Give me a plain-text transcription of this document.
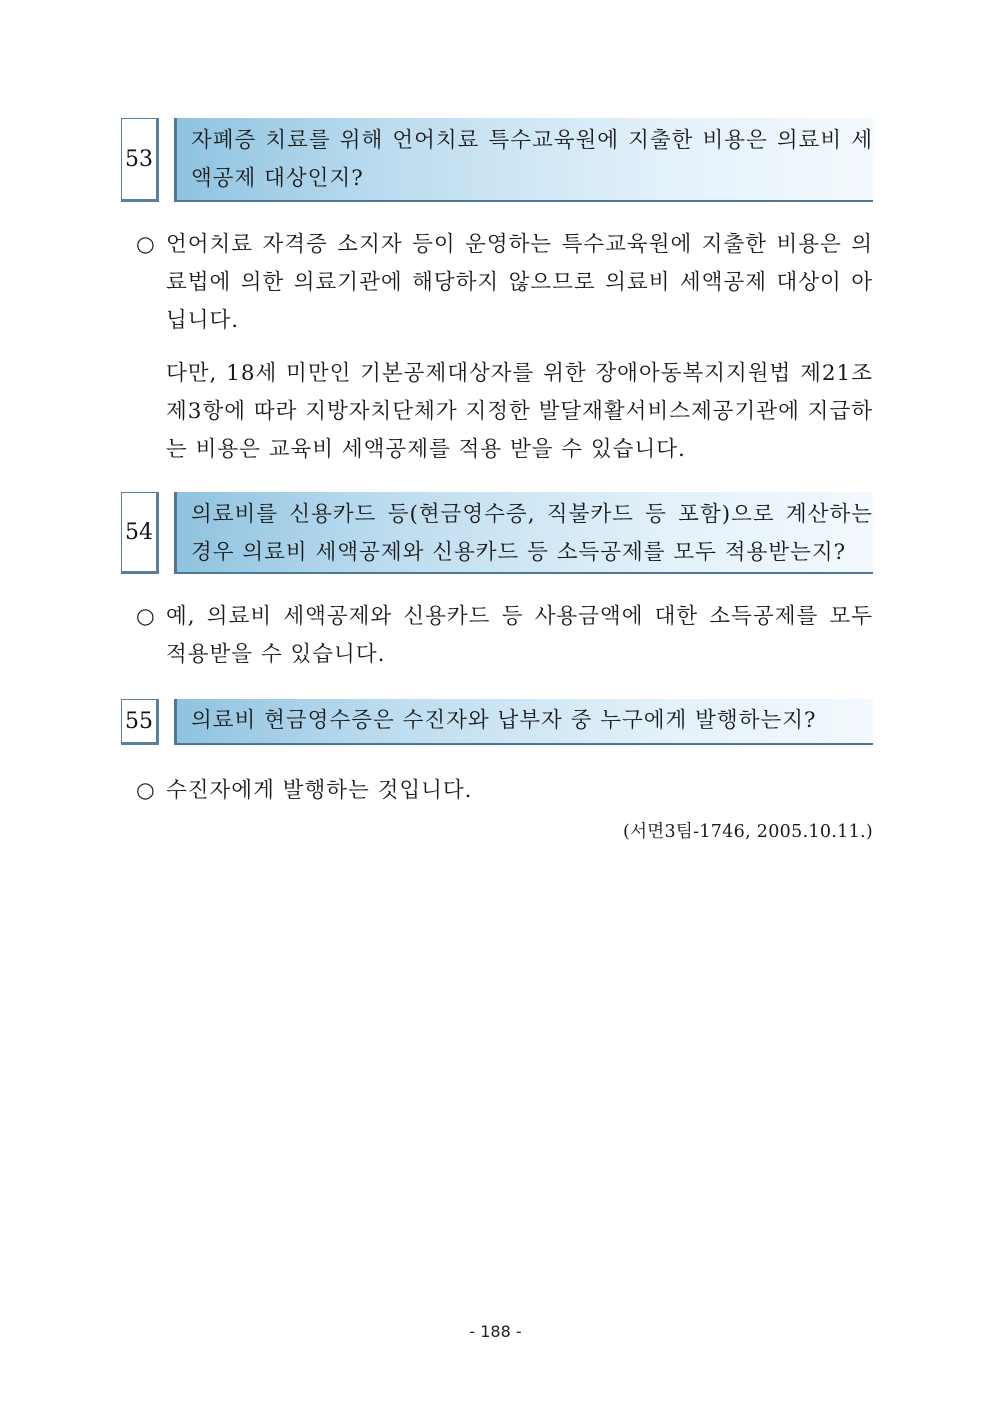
53
자폐증 치료를 위해 언어치료 특수교육원에 지출한 비용은 의료비 세액공제 대상인지?
○ 언어치료 자격증 소지자 등이 운영하는 특수교육원에 지출한 비용은 의료법에 의한 의료기관에 해당하지 않으므로 의료비 세액공제 대상이 아닙니다.
다만, 18세 미만인 기본공제대상자를 위한 장애아동복지지원법 제21조 제3항에 따라 지방자치단체가 지정한 발달재활서비스제공기관에 지급하는 비용은 교육비 세액공제를 적용 받을 수 있습니다.
54
의료비를 신용카드 등(현금영수증, 직불카드 등 포함)으로 계산하는 경우 의료비 세액공제와 신용카드 등 소득공제를 모두 적용받는지?
○ 예, 의료비 세액공제와 신용카드 등 사용금액에 대한 소득공제를 모두 적용받을 수 있습니다.
55	의료비 현금영수증은 수진자와 납부자 중 누구에게 발행하는지?
○ 수진자에게 발행하는 것입니다.
(서면3팀-1746, 2005.10.11.)
- 188 -
